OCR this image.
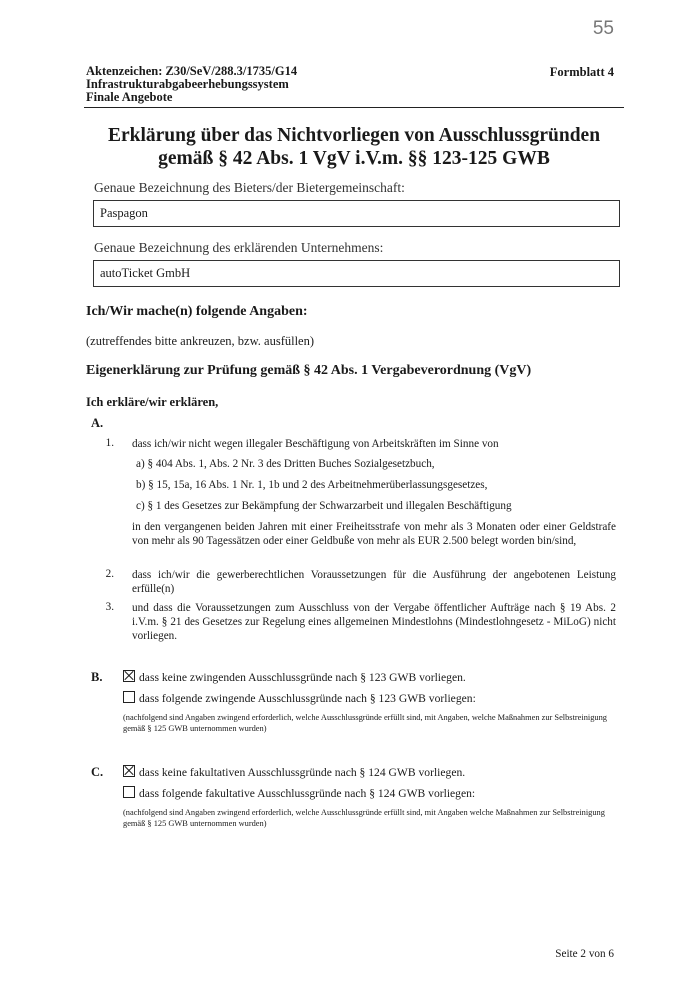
55
Aktenzeichen: Z30/SeV/288.3/1735/G14
Infrastrukturabgabeerhebungssystem
Finale Angebote
Formblatt 4
Erklärung über das Nichtvorliegen von Ausschlussgründen
gemäß § 42 Abs. 1 VgV i.V.m. §§ 123-125 GWB
Genaue Bezeichnung des Bieters/der Bietergemeinschaft:
Paspagon
Genaue Bezeichnung des erklärenden Unternehmens:
autoTicket GmbH
Ich/Wir mache(n) folgende Angaben:
(zutreffendes bitte ankreuzen, bzw. ausfüllen)
Eigenerklärung zur Prüfung gemäß § 42 Abs. 1 Vergabeverordnung (VgV)
Ich erkläre/wir erklären,
A.
1. dass ich/wir nicht wegen illegaler Beschäftigung von Arbeitskräften im Sinne von
a) § 404 Abs. 1, Abs. 2 Nr. 3 des Dritten Buches Sozialgesetzbuch,
b) § 15, 15a, 16 Abs. 1 Nr. 1, 1b und 2 des Arbeitnehmerüberlassungsgesetzes,
c) § 1 des Gesetzes zur Bekämpfung der Schwarzarbeit und illegalen Beschäftigung
in den vergangenen beiden Jahren mit einer Freiheitsstrafe von mehr als 3 Monaten oder einer Geldstrafe von mehr als 90 Tagessätzen oder einer Geldbuße von mehr als EUR 2.500 belegt worden bin/sind,
2. dass ich/wir die gewerberechtlichen Voraussetzungen für die Ausführung der angebotenen Leistung erfülle(n)
3. und dass die Voraussetzungen zum Ausschluss von der Vergabe öffentlicher Aufträge nach § 19 Abs. 2 i.V.m. § 21 des Gesetzes zur Regelung eines allgemeinen Mindestlohns (Mindestlohngesetz - MiLoG) nicht vorliegen.
B.	dass keine zwingenden Ausschlussgründe nach § 123 GWB vorliegen.
dass folgende zwingende Ausschlussgründe nach § 123 GWB vorliegen:
(nachfolgend sind Angaben zwingend erforderlich, welche Ausschlussgründe erfüllt sind, mit Angaben, welche Maßnahmen zur Selbstreinigung gemäß § 125 GWB unternommen wurden)
C.	dass keine fakultativen Ausschlussgründe nach § 124 GWB vorliegen.
dass folgende fakultative Ausschlussgründe nach § 124 GWB vorliegen:
(nachfolgend sind Angaben zwingend erforderlich, welche Ausschlussgründe erfüllt sind, mit Angaben welche Maßnahmen zur Selbstreinigung gemäß § 125 GWB unternommen wurden)
Seite 2 von 6
